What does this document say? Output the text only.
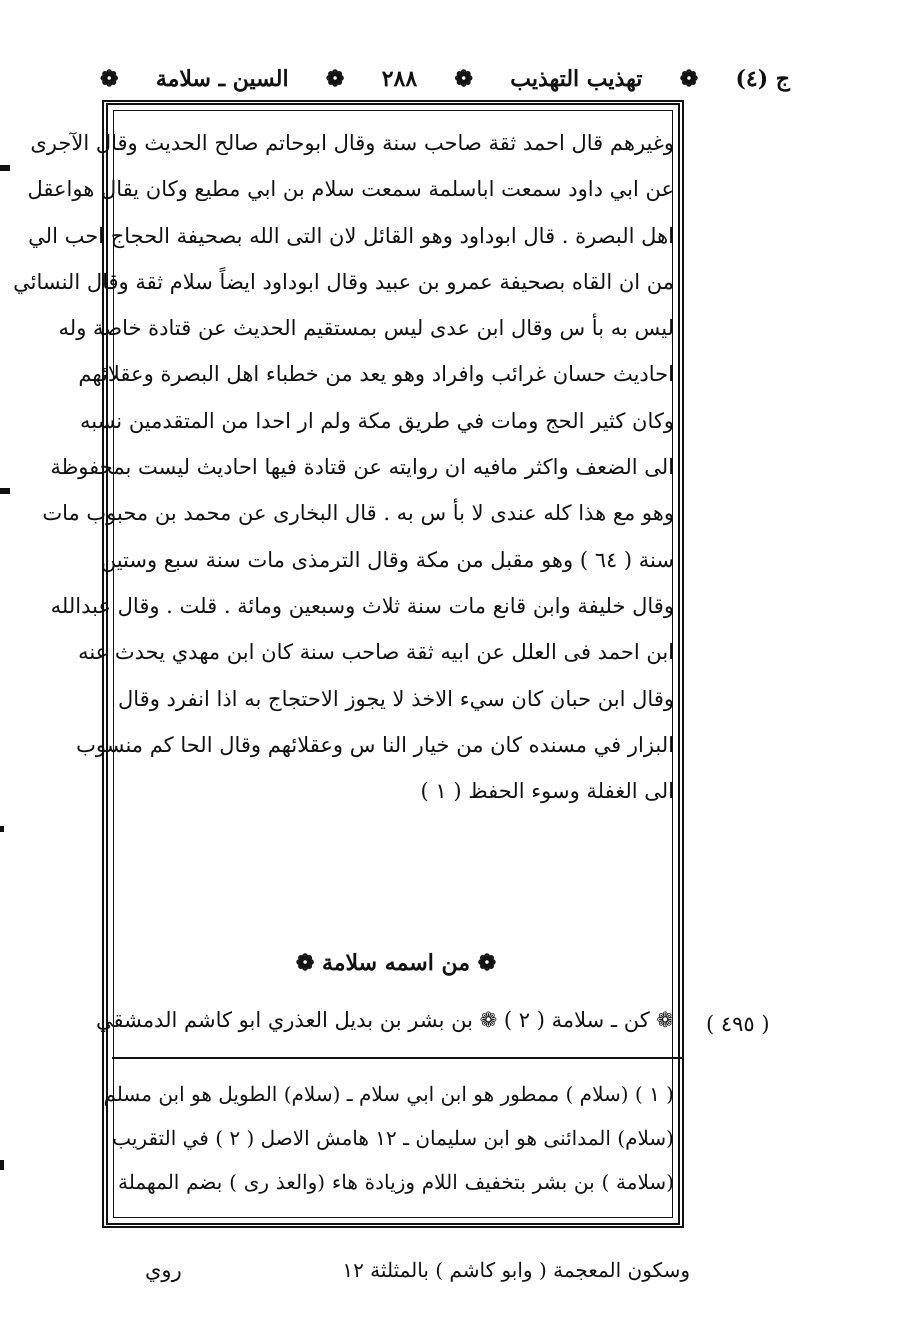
ج (٤)
❁
تهذيب التهذيب
❁
٢٨٨
❁
السين ـ سلامة
❁
وغيرهم قال احمد ثقة صاحب سنة وقال ابوحاتم صالح الحديث وقال الآجرى
عن ابي داود سمعت اباسلمة سمعت سلام بن ابي مطيع وكان يقال هواعقل
اهل البصرة . قال ابوداود وهو القائل لان التى الله بصحيفة الحجاج احب الي
من ان القاه بصحيفة عمرو بن عبيد وقال ابوداود ايضاً سلام ثقة وقال النسائي
ليس به بأ س وقال ابن عدى ليس بمستقيم الحديث عن قتادة خاصة وله
احاديث حسان غرائب وافراد وهو يعد من خطباء اهل البصرة وعقلائهم
وكان كثير الحج ومات في طريق مكة ولم ار احدا من المتقدمين نسبه
الى الضعف واكثر مافيه ان روايته عن قتادة فيها احاديث ليست بمحفوظة
وهو مع هذا كله عندى لا بأ س به . قال البخارى عن محمد بن محبوب مات
سنة ( ٦٤ ) وهو مقبل من مكة وقال الترمذى مات سنة سبع وستين
وقال خليفة وابن قانع مات سنة ثلاث وسبعين ومائة . قلت . وقال عبدالله
ابن احمد فى العلل عن ابيه ثقة صاحب سنة كان ابن مهدي يحدث عنه
وقال ابن حبان كان سيء الاخذ لا يجوز الاحتجاج به اذا انفرد وقال
البزار في مسنده كان من خيار النا س وعقلائهم وقال الحا كم منسوب
الى الغفلة وسوء الحفظ ( ١ )
❁ من اسمه سلامة ❁
( ٤٩٥ )
❁ كن ـ سلامة ( ٢ ) ❁ بن بشر بن بديل العذري ابو كاشم الدمشقي
( ١ ) (سلام ) ممطور هو ابن ابي سلام ـ (سلام) الطويل هو ابن مسلم
(سلام) المدائنى هو ابن سليمان ـ ١٢ هامش الاصل ( ٢ ) في التقريب
(سلامة ) بن بشر بتخفيف اللام وزيادة هاء (والعذ رى ) بضم المهملة
وسكون المعجمة ( وابو كاشم ) بالمثلثة ١٢
روي
